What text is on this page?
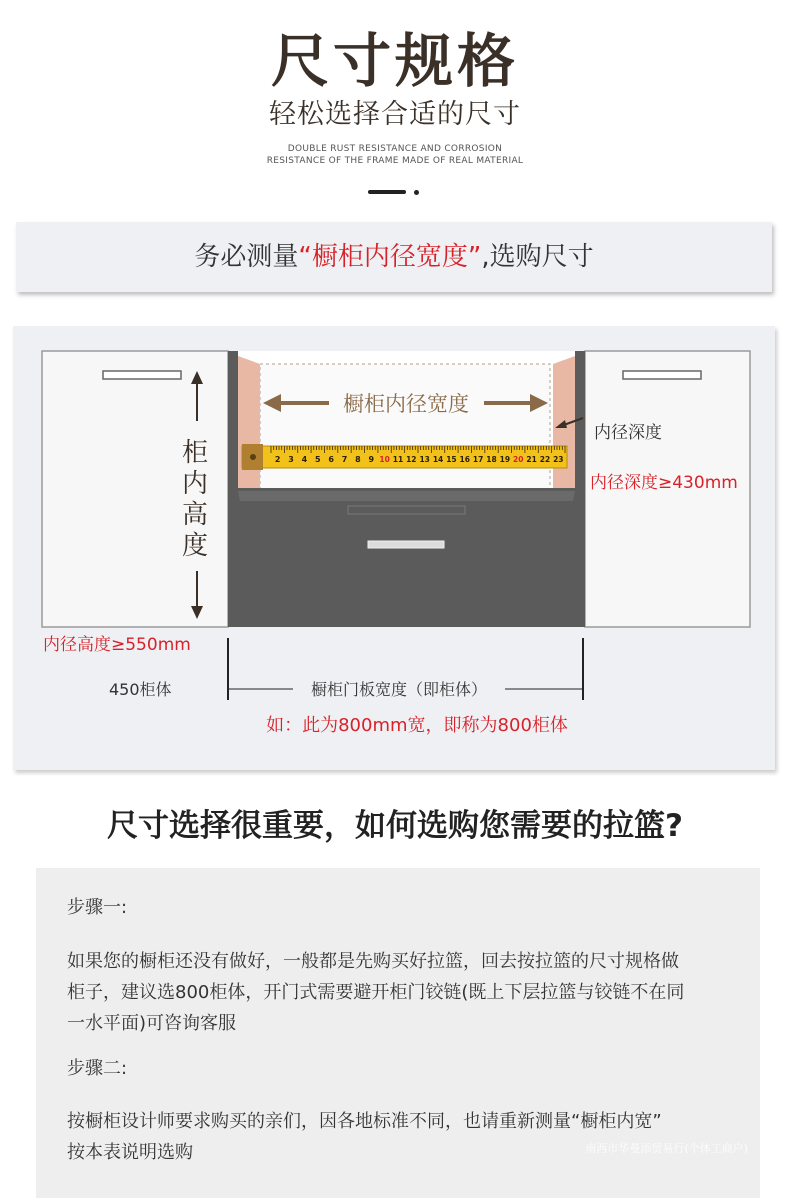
尺寸规格
轻松选择合适的尺寸
DOUBLE RUST RESISTANCE AND CORROSION
RESISTANCE OF THE FRAME MADE OF REAL MATERIAL
务必测量“橱柜内径宽度”,选购尺寸
橱柜内径宽度
内径深度
内径深度≥430mm
2 3 4 5 6 7 8 9 10 11 12 13 14 15 16 17 18 19 20 21 22 23
柜
内
高
度
内径高度≥550mm
橱柜门板宽度（即柜体）
450柜体
如：此为800mm宽，即称为800柜体
尺寸选择很重要，如何选购您需要的拉篮?
步骤一:
如果您的橱柜还没有做好，一般都是先购买好拉篮，回去按拉篮的尺寸规格做
柜子，建议选800柜体，开门式需要避开柜门铰链(既上下层拉篮与铰链不在同
一水平面)可咨询客服
步骤二:
按橱柜设计师要求购买的亲们，因各地标准不同，也请重新测量“橱柜内宽”
按本表说明选购	南西市华曼添贸易行(个体工商户)
